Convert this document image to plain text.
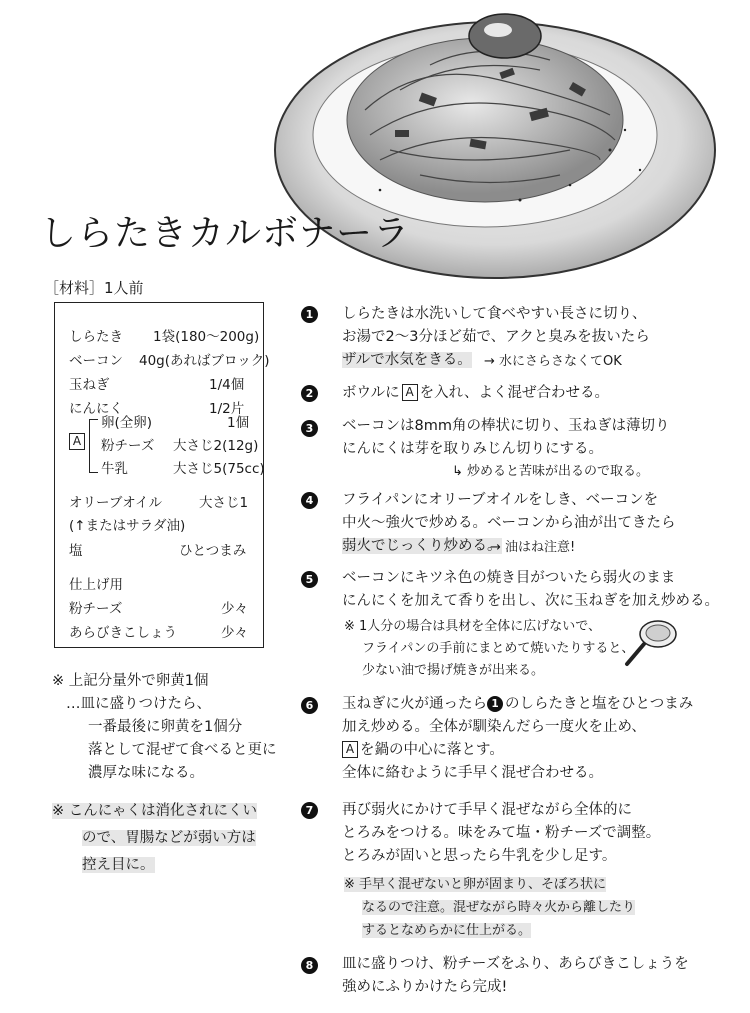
しらたきカルボナーラ
［材料］1人前
しらたき 1袋(180～200g)
ベーコン 40g(あればブロック)
玉ねぎ	1/4個
にんにく	1/2片
A
卵(全卵)	1個
粉チーズ 大さじ2(12g)
牛乳	大さじ5(75cc)
オリーブオイル	大さじ1
(↑またはサラダ油)
塩	ひとつまみ
仕上げ用
粉チーズ	少々
あらびきこしょう	少々
※ 上記分量外で卵黄1個
…皿に盛りつけたら、
一番最後に卵黄を1個分
落として混ぜて食べると更に
濃厚な味になる。
※ こんにゃくは消化されにくい
ので、胃腸などが弱い方は
控え目に。
1	しらたきは水洗いして食べやすい長さに切り、
お湯で2～3分ほど茹で、アクと臭みを抜いたら
ザルで水気をきる。 → 水にさらさなくてOK
2	ボウルに A を入れ、よく混ぜ合わせる。
3	ベーコンは8mm角の棒状に切り、玉ねぎは薄切り
にんにくは芽を取りみじん切りにする。
↳ 炒めると苦味が出るので取る。
4	フライパンにオリーブオイルをしき、ベーコンを
中火～強火で炒める。ベーコンから油が出てきたら
弱火でじっくり炒める。
→ 油はね注意!
5	ベーコンにキツネ色の焼き目がついたら弱火のまま
にんにくを加えて香りを出し、次に玉ねぎを加え炒める。
※ 1人分の場合は具材を全体に広げないで、
フライパンの手前にまとめて焼いたりすると、
少ない油で揚げ焼きが出来る。
6	玉ねぎに火が通ったら 1 のしらたきと塩をひとつまみ
加え炒める。全体が馴染んだら一度火を止め、
A を鍋の中心に落とす。
全体に絡むように手早く混ぜ合わせる。
7	再び弱火にかけて手早く混ぜながら全体的に
とろみをつける。味をみて塩・粉チーズで調整。
とろみが固いと思ったら牛乳を少し足す。
※ 手早く混ぜないと卵が固まり、そぼろ状に
なるので注意。混ぜながら時々火から離したり
するとなめらかに仕上がる。
8	皿に盛りつけ、粉チーズをふり、あらびきこしょうを
強めにふりかけたら完成!
